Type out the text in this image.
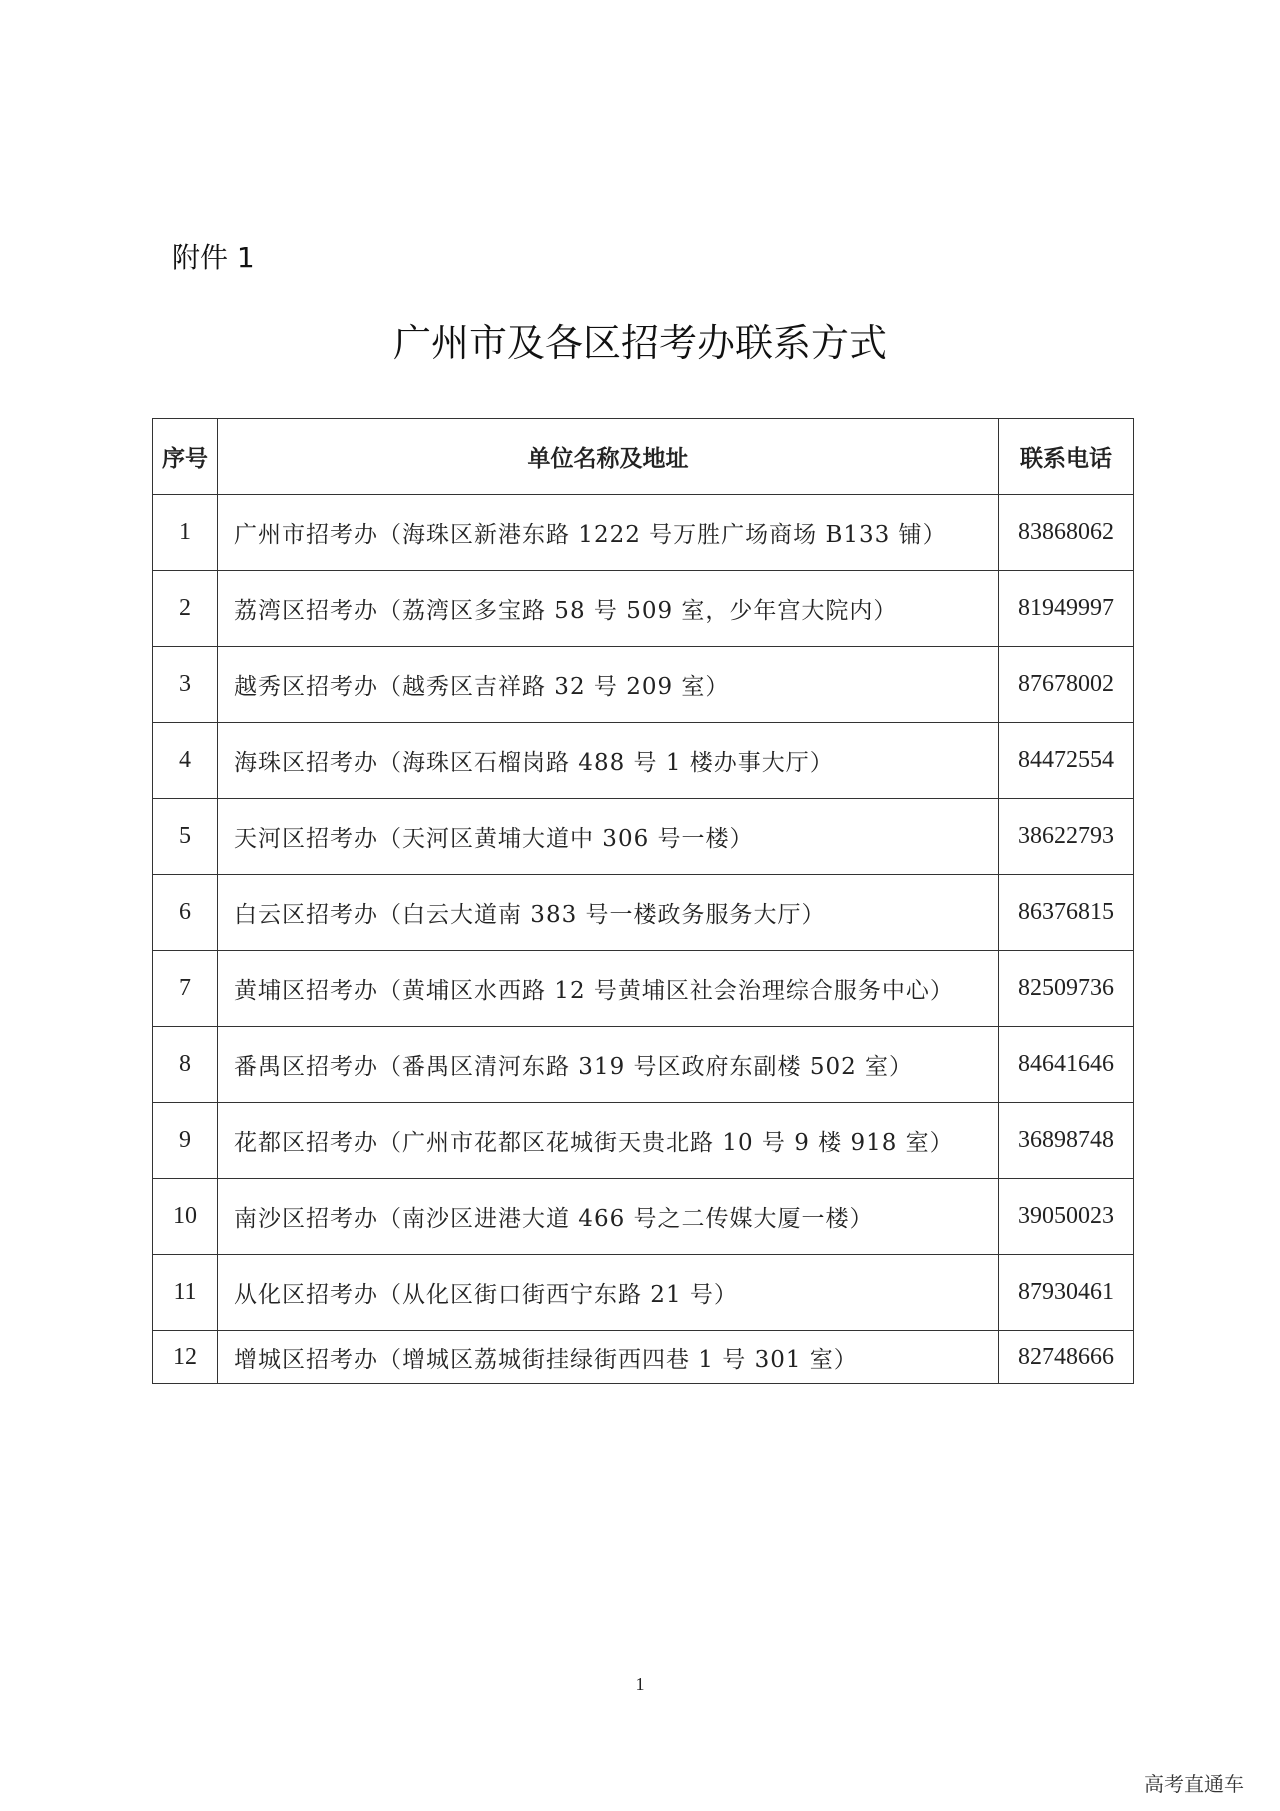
附件 1
广州市及各区招考办联系方式
序号	单位名称及地址	联系电话
1	广州市招考办（海珠区新港东路 1222 号万胜广场商场 B133 铺）	83868062
2	荔湾区招考办（荔湾区多宝路 58 号 509 室，少年宫大院内）	81949997
3	越秀区招考办（越秀区吉祥路 32 号 209 室）	87678002
4	海珠区招考办（海珠区石榴岗路 488 号 1 楼办事大厅）	84472554
5	天河区招考办（天河区黄埔大道中 306 号一楼）	38622793
6	白云区招考办（白云大道南 383 号一楼政务服务大厅）	86376815
7	黄埔区招考办（黄埔区水西路 12 号黄埔区社会治理综合服务中心）	82509736
8	番禺区招考办（番禺区清河东路 319 号区政府东副楼 502 室）	84641646
9	花都区招考办（广州市花都区花城街天贵北路 10 号 9 楼 918 室）	36898748
10	南沙区招考办（南沙区进港大道 466 号之二传媒大厦一楼）	39050023
11	从化区招考办（从化区街口街西宁东路 21 号）	87930461
12	增城区招考办（增城区荔城街挂绿街西四巷 1 号 301 室）	82748666
1
高考直通车
